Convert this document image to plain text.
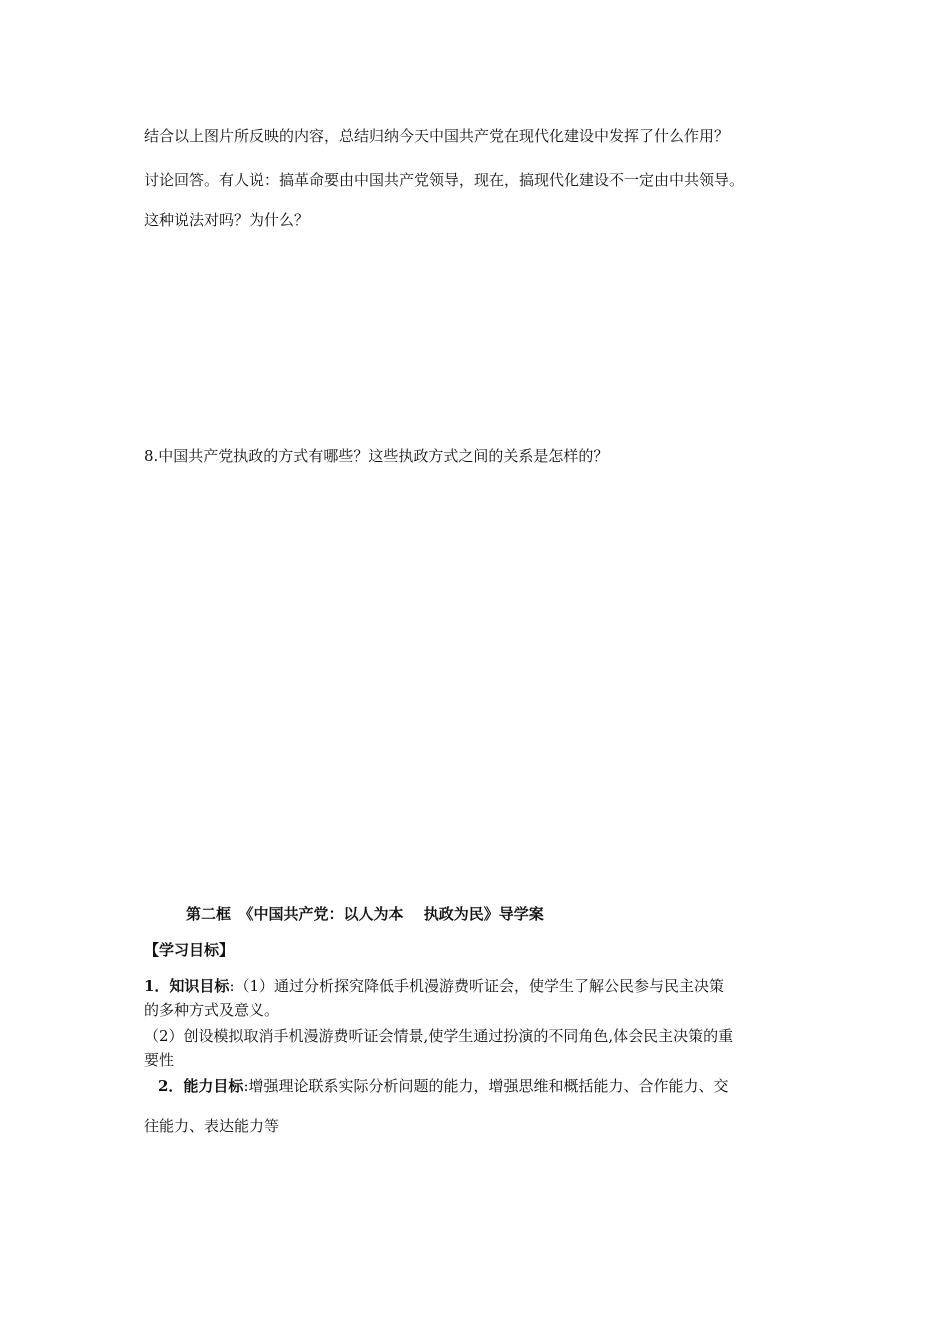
结合以上图片所反映的内容，总结归纳今天中国共产党在现代化建设中发挥了什么作用？
讨论回答。有人说：搞革命要由中国共产党领导，现在，搞现代化建设不一定由中共领导。
这种说法对吗？为什么？
8.中国共产党执政的方式有哪些？这些执政方式之间的关系是怎样的？
第二框　《中国共产党：以人为本　 执政为民》导学案
【学习目标】
1．知识目标:（1）通过分析探究降低手机漫游费听证会，使学生了解公民参与民主决策
的多种方式及意义。
（2）创设模拟取消手机漫游费听证会情景,使学生通过扮演的不同角色,体会民主决策的重
要性
2．能力目标:增强理论联系实际分析问题的能力，增强思维和概括能力、合作能力、交
往能力、表达能力等
